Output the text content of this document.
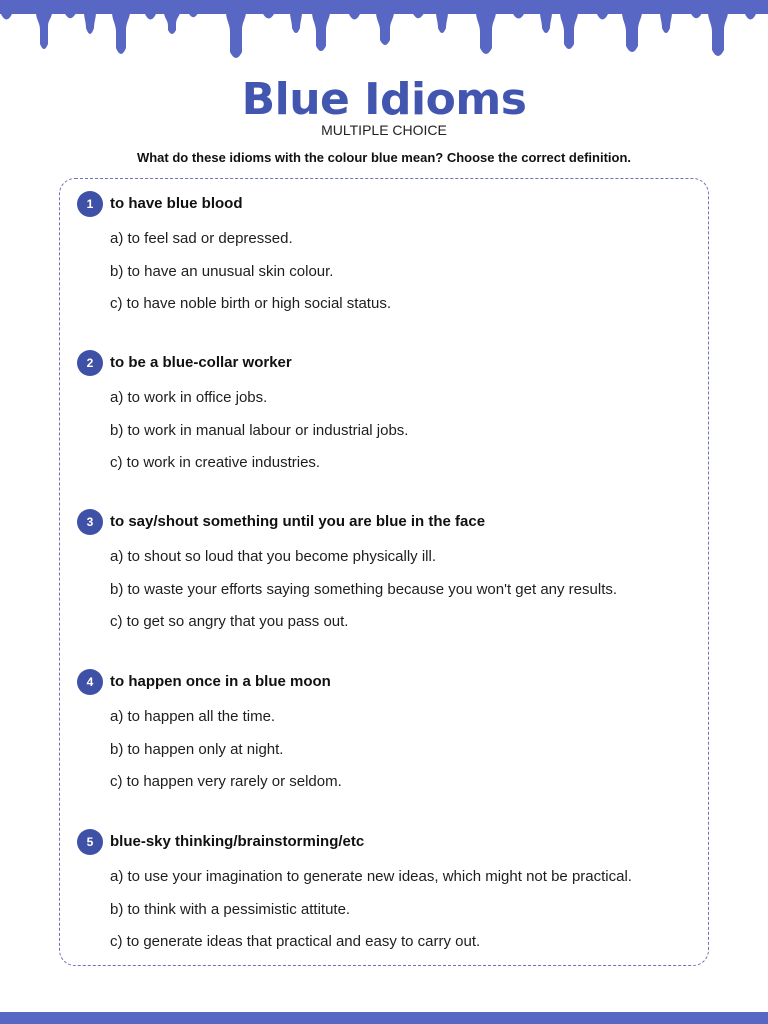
Blue Idioms
MULTIPLE CHOICE
What do these idioms with the colour blue mean? Choose the correct definition.
1	to have blue blood
a) to feel sad or depressed.
b) to have an unusual skin colour.
c) to have noble birth or high social status.
2	to be a blue-collar worker
a) to work in office jobs.
b) to work in manual labour or industrial jobs.
c) to work in creative industries.
3	to say/shout something until you are blue in the face
a) to shout so loud that you become physically ill.
b) to waste your efforts saying something because you won't get any results.
c) to get so angry that you pass out.
4	to happen once in a blue moon
a) to happen all the time.
b) to happen only at night.
c) to happen very rarely or seldom.
5	blue-sky thinking/brainstorming/etc
a) to use your imagination to generate new ideas, which might not be practical.
b) to think with a pessimistic attitute.
c) to generate ideas that practical and easy to carry out.
